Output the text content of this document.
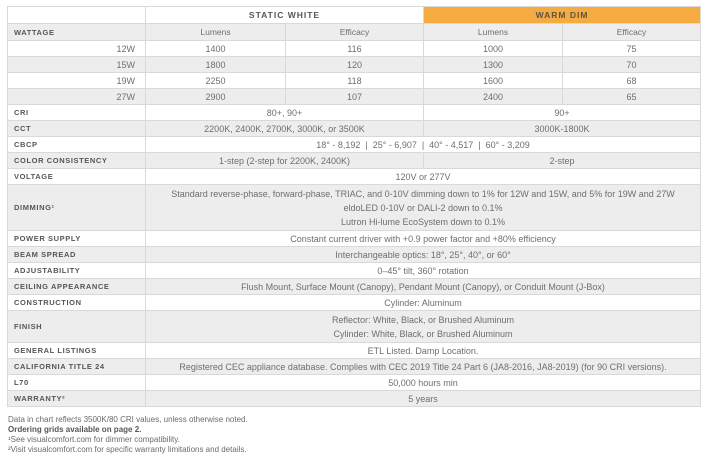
	STATIC WHITE		WARM DIM	
WATTAGE	Lumens	Efficacy	Lumens	Efficacy
12W	1400	116	1000	75
15W	1800	120	1300	70
19W	2250	118	1600	68
27W	2900	107	2400	65
CRI	80+, 90+		90+	
CCT	2200K, 2400K, 2700K, 3000K, or 3500K		3000K-1800K	
CBCP	18° - 8,192  |  25° - 6,907  |  40° - 4,517  |  60° - 3,209			
COLOR CONSISTENCY	1-step (2-step for 2200K, 2400K)		2-step	
VOLTAGE	120V or 277V			
DIMMING¹	Standard reverse-phase, forward-phase, TRIAC, and 0-10V dimming down to 1% for 12W and 15W, and 5% for 19W and 27W
eldoLED 0-10V or DALI-2 down to 0.1%
Lutron Hi-lume EcoSystem down to 0.1%			

POWER SUPPLY	Constant current driver with +0.9 power factor and +80% efficiency			
BEAM SPREAD	Interchangeable optics: 18°, 25°, 40°, or 60°			
ADJUSTABILITY	0–45° tilt, 360° rotation			
CEILING APPEARANCE	Flush Mount, Surface Mount (Canopy), Pendant Mount (Canopy), or Conduit Mount (J-Box)			
CONSTRUCTION	Cylinder: Aluminum			
FINISH	Reflector: White, Black, or Brushed Aluminum
Cylinder: White, Black, or Brushed Aluminum			

GENERAL LISTINGS	ETL Listed. Damp Location.			
CALIFORNIA TITLE 24	Registered CEC appliance database. Complies with CEC 2019 Title 24 Part 6 (JA8-2016, JA8-2019) (for 90 CRI versions).			
L70	50,000 hours min			
WARRANTY²	5 years			
Data in chart reflects 3500K/80 CRI values, unless otherwise noted.
Ordering grids available on page 2.
¹See visualcomfort.com for dimmer compatibility.
²Visit visualcomfort.com for specific warranty limitations and details.
